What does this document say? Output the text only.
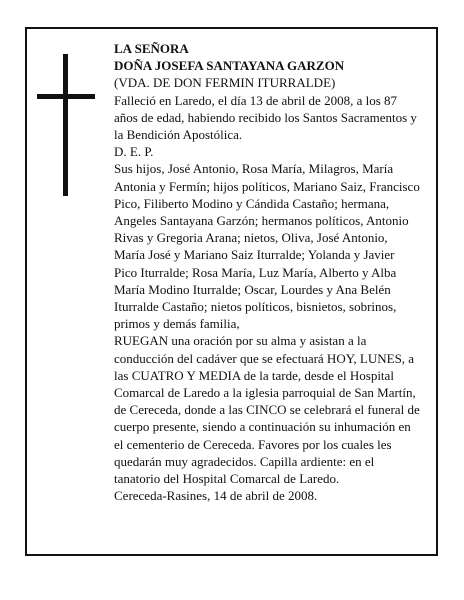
LA SEÑORA

DOÑA JOSEFA SANTAYANA GARZON

(VDA. DE DON FERMIN ITURRALDE)

Falleció en Laredo, el día 13 de abril de 2008, a los 87 años de edad, habiendo recibido los Santos Sacramentos y la Bendición Apostólica.

D. E. P.

Sus hijos, José Antonio, Rosa María, Milagros, María Antonia y Fermín; hijos políticos, Mariano Saiz, Francisco Pico, Filiberto Modino y Cándida Castaño; hermana, Angeles Santayana Garzón; hermanos políticos, Antonio Rivas y Gregoria Arana; nietos, Oliva, José Antonio, María José y Mariano Saiz Iturralde; Yolanda y Javier Pico Iturralde; Rosa María, Luz María, Alberto y Alba María Modino Iturralde; Oscar, Lourdes y Ana Belén Iturralde Castaño; nietos políticos, bisnietos, sobrinos, primos y demás familia,

RUEGAN una oración por su alma y asistan a la conducción del cadáver que se efectuará HOY, LUNES, a las CUATRO Y MEDIA de la tarde, desde el Hospital Comarcal de Laredo a la iglesia parroquial de San Martín, de Cereceda, donde a las CINCO se celebrará el funeral de cuerpo presente, siendo a continuación su inhumación en el cementerio de Cereceda. Favores por los cuales les quedarán muy agradecidos. Capilla ardiente: en el tanatorio del Hospital Comarcal de Laredo.

Cereceda-Rasines, 14 de abril de 2008.
